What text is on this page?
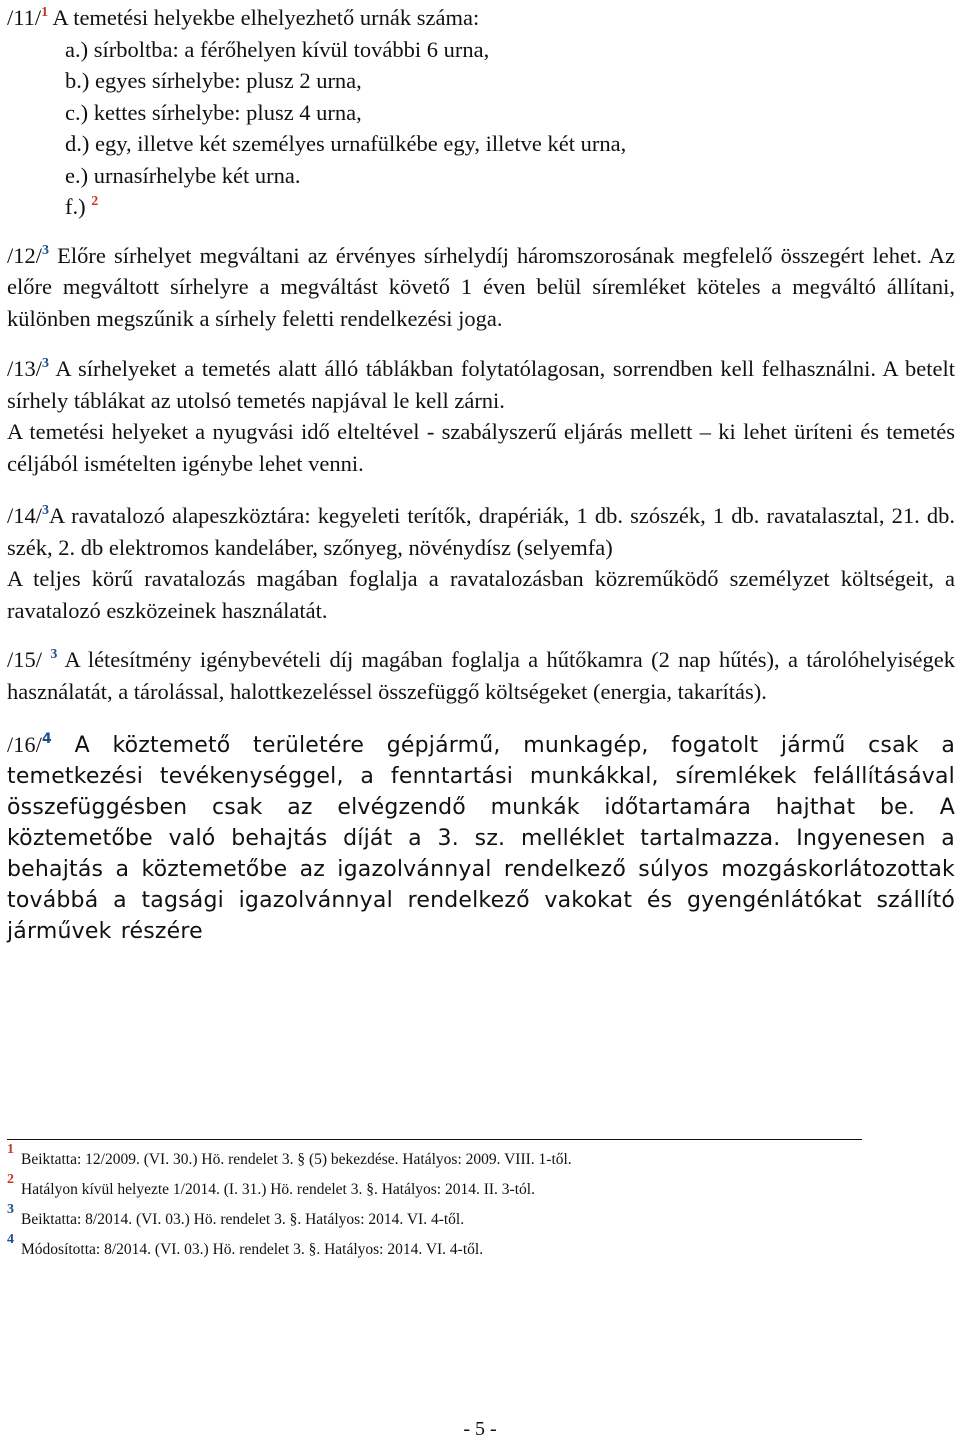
/11/$^1$ A temetési helyekbe elhelyezhető urnák száma:

a.) sírboltba: a férőhelyen kívül további 6 urna,

b.) egyes sírhelybe: plusz 2 urna,

c.) kettes sírhelybe: plusz 4 urna,

d.) egy, illetve két személyes urnafülkébe egy, illetve két urna,

e.) urnasírhelybe két urna.

f.) $^2$

/12/$^3$ Előre sírhelyet megváltani az érvényes sírhelydíj háromszorosának megfelelő összegért lehet. Az előre megváltott sírhelyre a megváltást követő 1 éven belül síremléket köteles a megváltó állítani, különben megszűnik a sírhely feletti rendelkezési joga.

/13/$^3$ A sírhelyeket a temetés alatt álló táblákban folytatólagosan, sorrendben kell felhasználni. A betelt sírhely táblákat az utolsó temetés napjával le kell zárni.

A temetési helyeket a nyugvási idő elteltével - szabályszerű eljárás mellett – ki lehet üríteni és temetés céljából ismételten igénybe lehet venni.

/14/$^3$A ravatalozó alapeszköztára: kegyeleti terítők, drapériák, 1 db. szószék, 1 db. ravatalasztal, 21. db. szék, 2. db elektromos kandeláber, szőnyeg, növénydísz (selyemfa)

A teljes körű ravatalozás magában foglalja a ravatalozásban közreműködő személyzet költségeit, a ravatalozó eszközeinek használatát.

/15/ $^3$ A létesítmény igénybevételi díj magában foglalja a hűtőkamra (2 nap hűtés), a tárolóhelyiségek használatát, a tárolással, halottkezeléssel összefüggő költségeket (energia, takarítás).

/16/$^4$ A köztemető területére gépjármű, munkagép, fogatolt jármű csak a temetkezési tevékenységgel, a fenntartási munkákkal, síremlékek felállításával összefüggésben csak az elvégzendő munkák időtartamára hajthat be. A köztemetőbe való behajtás díját a 3. sz. melléklet tartalmazza. Ingyenesen a behajtás a köztemetőbe az igazolvánnyal rendelkező súlyos mozgáskorlátozottak továbbá a tagsági igazolvánnyal rendelkező vakokat és gyengénlátókat szállító járművek részére

1
Beiktatta: 12/2009. (VI. 30.) Hö. rendelet 3. § (5) bekezdése. Hatályos: 2009. VIII. 1-től.
2
Hatályon kívül helyezte 1/2014. (I. 31.) Hö. rendelet 3. §. Hatályos: 2014. II. 3-tól.
3
Beiktatta: 8/2014. (VI. 03.) Hö. rendelet 3. §. Hatályos: 2014. VI. 4-től.
4
Módosította: 8/2014. (VI. 03.) Hö. rendelet 3. §. Hatályos: 2014. VI. 4-től.
- 5 -
